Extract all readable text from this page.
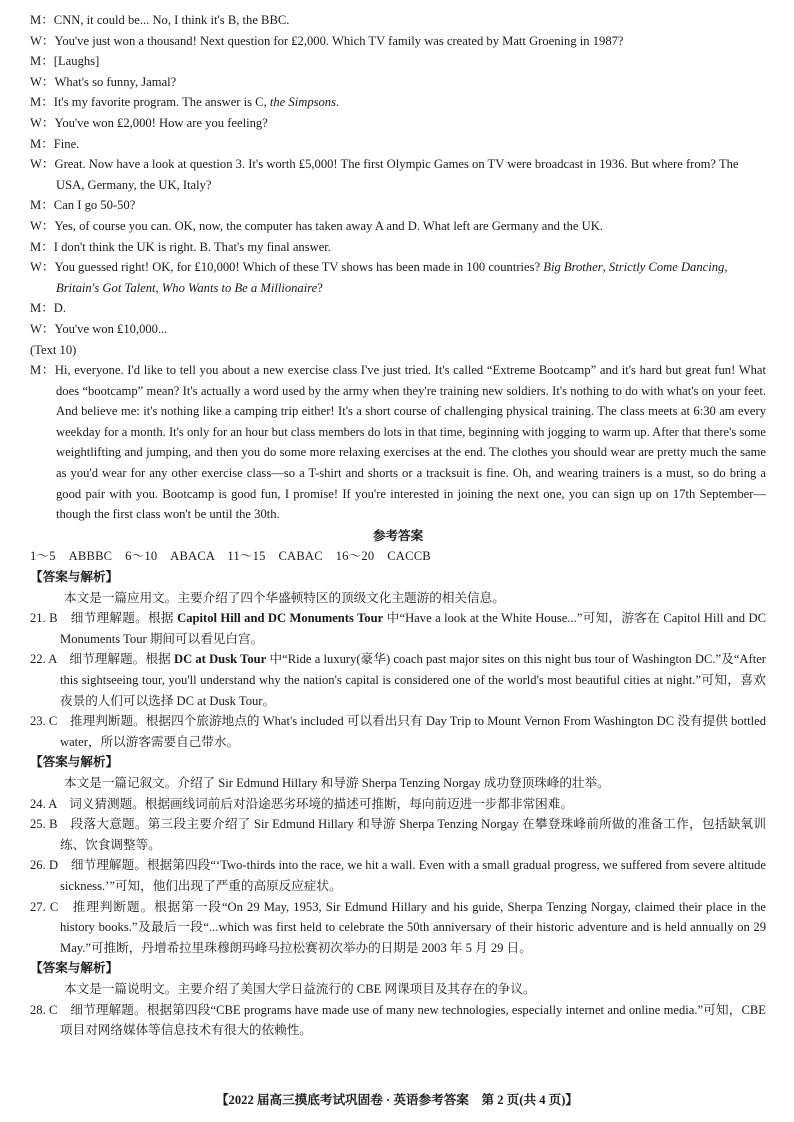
M：CNN, it could be... No, I think it's B, the BBC.

W：You've just won a thousand! Next question for ₤2,000. Which TV family was created by Matt Groening in 1987?

M：[Laughs]

W：What's so funny, Jamal?

M：It's my favorite program. The answer is C, the Simpsons.

W：You've won ₤2,000! How are you feeling?

M：Fine.

W：Great. Now have a look at question 3. It's worth ₤5,000! The first Olympic Games on TV were broadcast in 1936. But where from? The USA, Germany, the UK, Italy?

M：Can I go 50-50?

W：Yes, of course you can. OK, now, the computer has taken away A and D. What left are Germany and the UK.

M：I don't think the UK is right. B. That's my final answer.

W：You guessed right! OK, for ₤10,000! Which of these TV shows has been made in 100 countries? Big Brother, Strictly Come Dancing, Britain's Got Talent, Who Wants to Be a Millionaire?

M：D.

W：You've won ₤10,000...

(Text 10)

M：Hi, everyone. I'd like to tell you about a new exercise class I've just tried. It's called “Extreme Bootcamp” and it's hard but great fun! What does “bootcamp” mean? It's actually a word used by the army when they're training new soldiers. It's nothing to do with what's on your feet. And believe me: it's nothing like a camping trip either! It's a short course of challenging physical training. The class meets at 6:30 am every weekday for a month. It's only for an hour but class members do lots in that time, beginning with jogging to warm up. After that there's some weightlifting and jumping, and then you do some more relaxing exercises at the end. The clothes you should wear are pretty much the same as you'd wear for any other exercise class—so a T-shirt and shorts or a tracksuit is fine. Oh, and wearing trainers is a must, so do bring a good pair with you. Bootcamp is good fun, I promise! If you're interested in joining the next one, you can sign up on 17th September—though the first class won't be until the 30th.

参考答案

1～5　ABBBC　6～10　ABACA　11～15　CABAC　16～20　CACCB

【答案与解析】

本文是一篇应用文。主要介绍了四个华盛顿特区的顶级文化主题游的相关信息。

21. B　细节理解题。根据 Capitol Hill and DC Monuments Tour 中“Have a look at the White House...”可知，游客在 Capitol Hill and DC Monuments Tour 期间可以看见白宫。

22. A　细节理解题。根据 DC at Dusk Tour 中“Ride a luxury(豪华) coach past major sites on this night bus tour of Washington DC.”及“After this sightseeing tour, you'll understand why the nation's capital is considered one of the world's most beautiful cities at night.”可知，喜欢夜景的人们可以选择 DC at Dusk Tour。

23. C　推理判断题。根据四个旅游地点的 What's included 可以看出只有 Day Trip to Mount Vernon From Washington DC 没有提供 bottled water，所以游客需要自己带水。

【答案与解析】

本文是一篇记叙文。介绍了 Sir Edmund Hillary 和导游 Sherpa Tenzing Norgay 成功登顶珠峰的壮举。

24. A　词义猜测题。根据画线词前后对沿途恶劣环境的描述可推断，每向前迈进一步都非常困难。

25. B　段落大意题。第三段主要介绍了 Sir Edmund Hillary 和导游 Sherpa Tenzing Norgay 在攀登珠峰前所做的准备工作，包括缺氧训练、饮食调整等。

26. D　细节理解题。根据第四段“‘Two-thirds into the race, we hit a wall. Even with a small gradual progress, we suffered from severe altitude sickness.’”可知，他们出现了严重的高原反应症状。

27. C　推理判断题。根据第一段“On 29 May, 1953, Sir Edmund Hillary and his guide, Sherpa Tenzing Norgay, claimed their place in the history books.”及最后一段“...which was first held to celebrate the 50th anniversary of their historic adventure and is held annually on 29 May.”可推断，丹增希拉里珠穆朗玛峰马拉松赛初次举办的日期是 2003 年 5 月 29 日。

【答案与解析】

本文是一篇说明文。主要介绍了美国大学日益流行的 CBE 网课项目及其存在的争议。

28. C　细节理解题。根据第四段“CBE programs have made use of many new technologies, especially internet and online media.”可知，CBE 项目对网络媒体等信息技术有很大的依赖性。

【2022 届高三摸底考试巩固卷 · 英语参考答案　第 2 页(共 4 页)】
